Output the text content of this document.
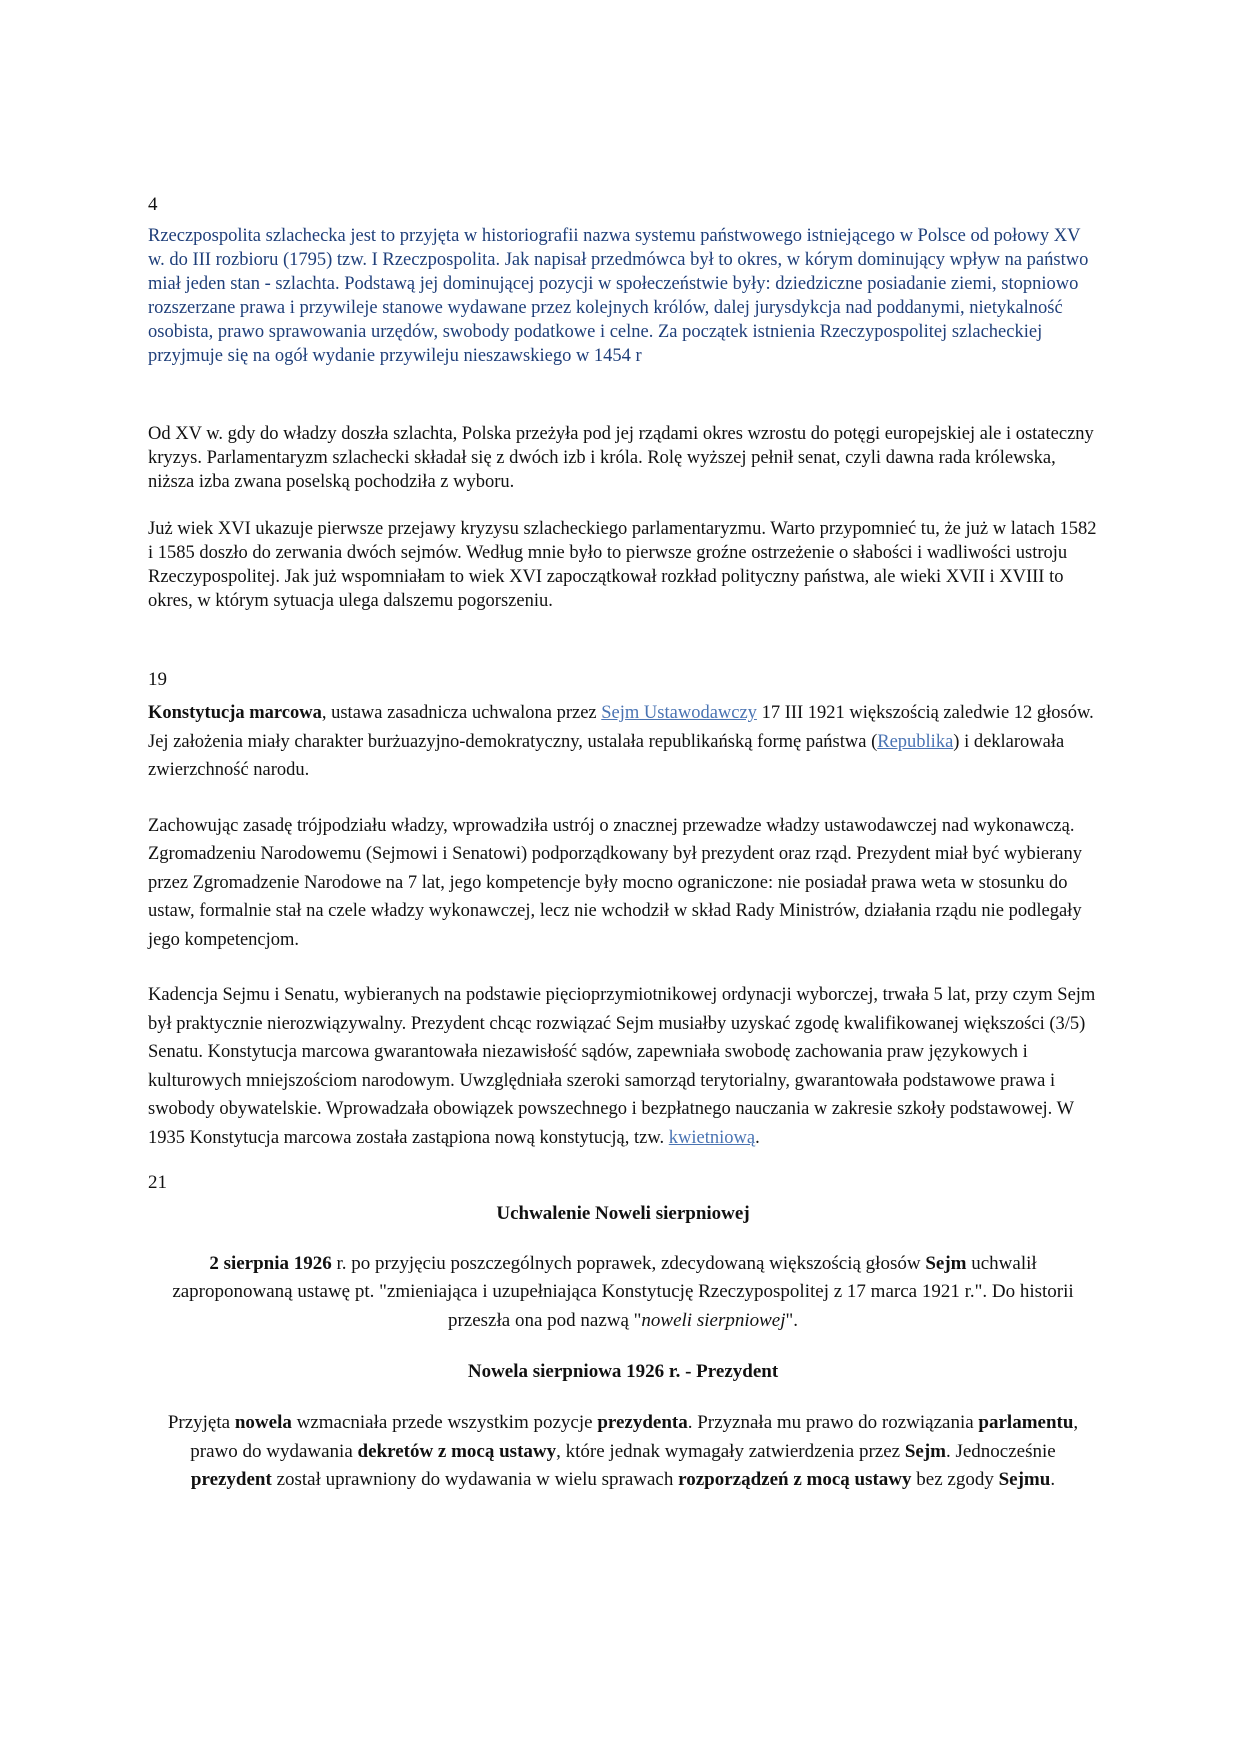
4

Rzeczpospolita szlachecka jest to przyjęta w historiografii nazwa systemu państwowego istniejącego w Polsce od połowy XV w. do III rozbioru (1795) tzw. I Rzeczpospolita. Jak napisał przedmówca był to okres, w kórym dominujący wpływ na państwo miał jeden stan - szlachta. Podstawą jej dominującej pozycji w społeczeństwie były: dziedziczne posiadanie ziemi, stopniowo rozszerzane prawa i przywileje stanowe wydawane przez kolejnych królów, dalej jurysdykcja nad poddanymi, nietykalność osobista, prawo sprawowania urzędów, swobody podatkowe i celne. Za początek istnienia Rzeczypospolitej szlacheckiej przyjmuje się na ogół wydanie przywileju nieszawskiego w 1454 r

Od XV w. gdy do władzy doszła szlachta, Polska przeżyła pod jej rządami okres wzrostu do potęgi europejskiej ale i ostateczny kryzys. Parlamentaryzm szlachecki składał się z dwóch izb i króla. Rolę wyższej pełnił senat, czyli dawna rada królewska, niższa izba zwana poselską pochodziła z wyboru.

Już wiek XVI ukazuje pierwsze przejawy kryzysu szlacheckiego parlamentaryzmu. Warto przypomnieć tu, że już w latach 1582 i 1585 doszło do zerwania dwóch sejmów. Według mnie było to pierwsze groźne ostrzeżenie o słabości i wadliwości ustroju Rzeczypospolitej. Jak już wspomniałam to wiek XVI zapoczątkował rozkład polityczny państwa, ale wieki XVII i XVIII to okres, w którym sytuacja ulega dalszemu pogorszeniu.

19

Konstytucja marcowa, ustawa zasadnicza uchwalona przez Sejm Ustawodawczy 17 III 1921 większością zaledwie 12 głosów. Jej założenia miały charakter burżuazyjno-demokratyczny, ustalała republikańską formę państwa (Republika) i deklarowała zwierzchność narodu.

Zachowując zasadę trójpodziału władzy, wprowadziła ustrój o znacznej przewadze władzy ustawodawczej nad wykonawczą. Zgromadzeniu Narodowemu (Sejmowi i Senatowi) podporządkowany był prezydent oraz rząd. Prezydent miał być wybierany przez Zgromadzenie Narodowe na 7 lat, jego kompetencje były mocno ograniczone: nie posiadał prawa weta w stosunku do ustaw, formalnie stał na czele władzy wykonawczej, lecz nie wchodził w skład Rady Ministrów, działania rządu nie podlegały jego kompetencjom.

Kadencja Sejmu i Senatu, wybieranych na podstawie pięcioprzymiotnikowej ordynacji wyborczej, trwała 5 lat, przy czym Sejm był praktycznie nierozwiązywalny. Prezydent chcąc rozwiązać Sejm musiałby uzyskać zgodę kwalifikowanej większości (3/5) Senatu. Konstytucja marcowa gwarantowała niezawisłość sądów, zapewniała swobodę zachowania praw językowych i kulturowych mniejszościom narodowym. Uwzględniała szeroki samorząd terytorialny, gwarantowała podstawowe prawa i swobody obywatelskie. Wprowadzała obowiązek powszechnego i bezpłatnego nauczania w zakresie szkoły podstawowej. W 1935 Konstytucja marcowa została zastąpiona nową konstytucją, tzw. kwietniową.

21
Uchwalenie Noweli sierpniowej

2 sierpnia 1926 r. po przyjęciu poszczególnych poprawek, zdecydowaną większością głosów Sejm uchwalił zaproponowaną ustawę pt. "zmieniająca i uzupełniająca Konstytucję Rzeczypospolitej z 17 marca 1921 r.". Do historii przeszła ona pod nazwą "noweli sierpniowej".

Nowela sierpniowa 1926 r. - Prezydent

Przyjęta nowela wzmacniała przede wszystkim pozycje prezydenta. Przyznała mu prawo do rozwiązania parlamentu, prawo do wydawania dekretów z mocą ustawy, które jednak wymagały zatwierdzenia przez Sejm. Jednocześnie prezydent został uprawniony do wydawania w wielu sprawach rozporządzeń z mocą ustawy bez zgody Sejmu.
